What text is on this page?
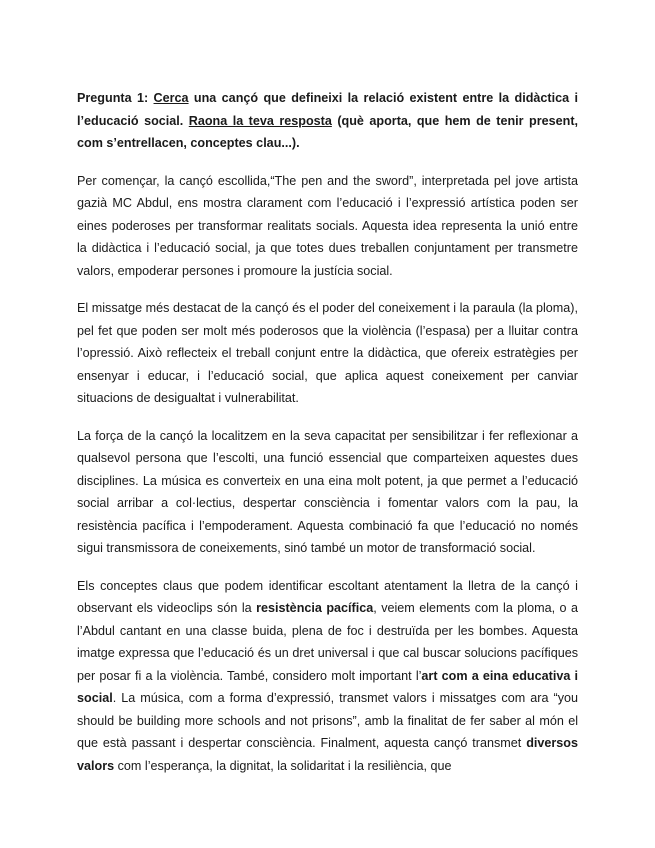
Pregunta 1: Cerca una cançó que defineixi la relació existent entre la didàctica i l’educació social. Raona la teva resposta (què aporta, que hem de tenir present, com s’entrellacen, conceptes clau...).

Per començar, la cançó escollida,“The pen and the sword”, interpretada pel jove artista gazià MC Abdul, ens mostra clarament com l’educació i l’expressió artística poden ser eines poderoses per transformar realitats socials. Aquesta idea representa la unió entre la didàctica i l’educació social, ja que totes dues treballen conjuntament per transmetre valors, empoderar persones i promoure la justícia social.

El missatge més destacat de la cançó és el poder del coneixement i la paraula (la ploma), pel fet que poden ser molt més poderosos que la violència (l’espasa) per a lluitar contra l’opressió. Això reflecteix el treball conjunt entre la didàctica, que ofereix estratègies per ensenyar i educar, i l’educació social, que aplica aquest coneixement per canviar situacions de desigualtat i vulnerabilitat.

La força de la cançó la localitzem en la seva capacitat per sensibilitzar i fer reflexionar a qualsevol persona que l’escolti, una funció essencial que comparteixen aquestes dues disciplines. La música es converteix en una eina molt potent, ja que permet a l’educació social arribar a col·lectius, despertar consciència i fomentar valors com la pau, la resistència pacífica i l’empoderament. Aquesta combinació fa que l’educació no només sigui transmissora de coneixements, sinó també un motor de transformació social.

Els conceptes claus que podem identificar escoltant atentament la lletra de la cançó i observant els videoclips són la resistència pacífica, veiem elements com la ploma, o a l’Abdul cantant en una classe buida, plena de foc i destruïda per les bombes. Aquesta imatge expressa que l’educació és un dret universal i que cal buscar solucions pacífiques per posar fi a la violència. També, considero molt important l’art com a eina educativa i social. La música, com a forma d’expressió, transmet valors i missatges com ara “you should be building more schools and not prisons”, amb la finalitat de fer saber al món el que està passant i despertar consciència. Finalment, aquesta cançó transmet diversos valors com l’esperança, la dignitat, la solidaritat i la resiliència, que
